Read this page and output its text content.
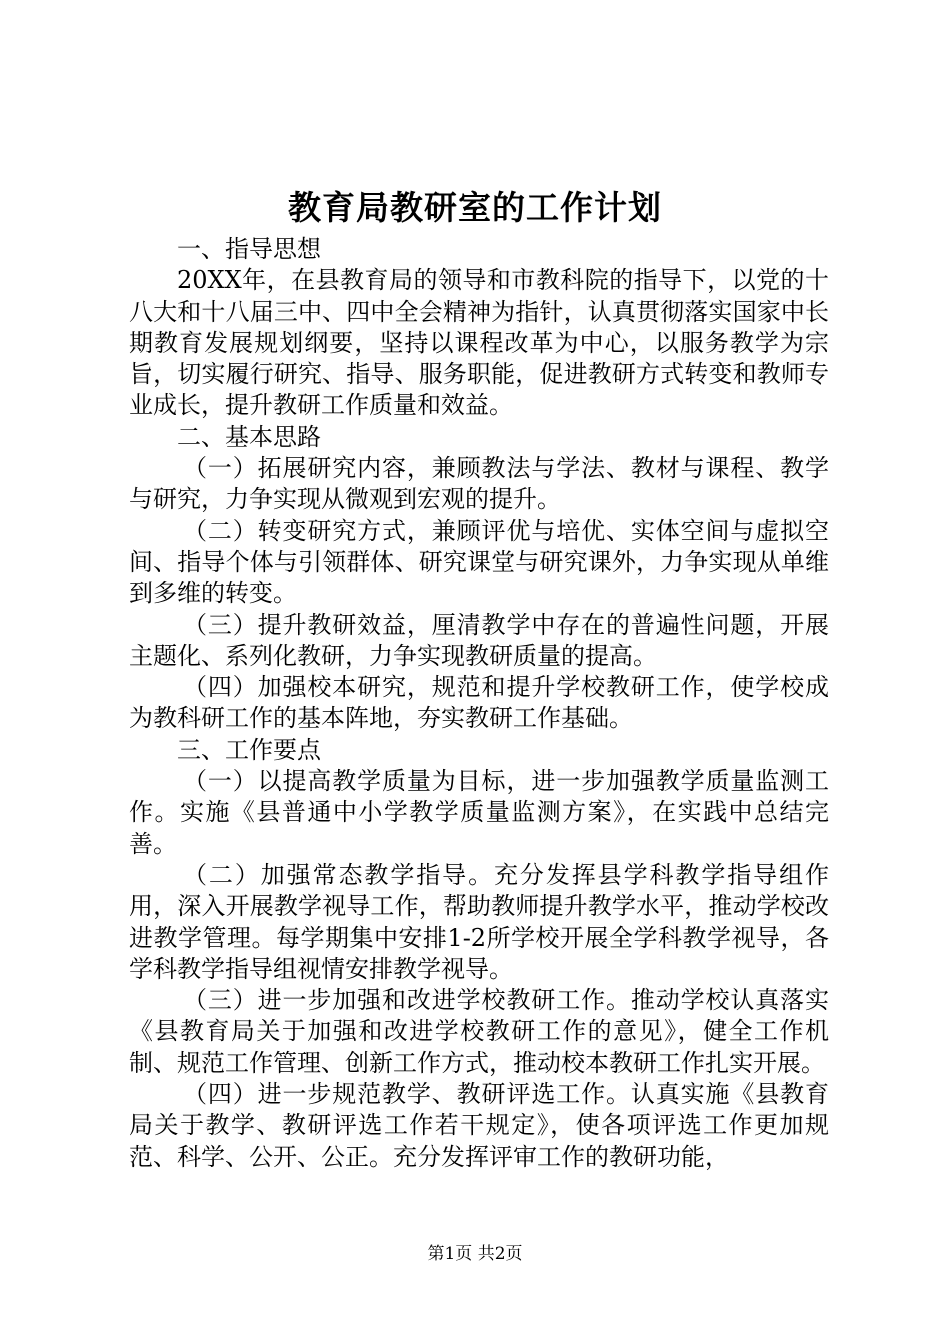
教育局教研室的工作计划

一、指导思想

20XX年，在县教育局的领导和市教科院的指导下，以党的十八大和十八届三中、四中全会精神为指针，认真贯彻落实国家中长期教育发展规划纲要，坚持以课程改革为中心，以服务教学为宗旨，切实履行研究、指导、服务职能，促进教研方式转变和教师专业成长，提升教研工作质量和效益。

二、基本思路

（一）拓展研究内容，兼顾教法与学法、教材与课程、教学与研究，力争实现从微观到宏观的提升。

（二）转变研究方式，兼顾评优与培优、实体空间与虚拟空间、指导个体与引领群体、研究课堂与研究课外，力争实现从单维到多维的转变。

（三）提升教研效益，厘清教学中存在的普遍性问题，开展主题化、系列化教研，力争实现教研质量的提高。

（四）加强校本研究，规范和提升学校教研工作，使学校成为教科研工作的基本阵地，夯实教研工作基础。

三、工作要点

（一）以提高教学质量为目标，进一步加强教学质量监测工作。实施《县普通中小学教学质量监测方案》，在实践中总结完善。

（二）加强常态教学指导。充分发挥县学科教学指导组作用，深入开展教学视导工作，帮助教师提升教学水平，推动学校改进教学管理。每学期集中安排1-2所学校开展全学科教学视导，各学科教学指导组视情安排教学视导。

（三）进一步加强和改进学校教研工作。推动学校认真落实《县教育局关于加强和改进学校教研工作的意见》，健全工作机制、规范工作管理、创新工作方式，推动校本教研工作扎实开展。

（四）进一步规范教学、教研评选工作。认真实施《县教育局关于教学、教研评选工作若干规定》，使各项评选工作更加规范、科学、公开、公正。充分发挥评审工作的教研功能，

第1页 共2页
